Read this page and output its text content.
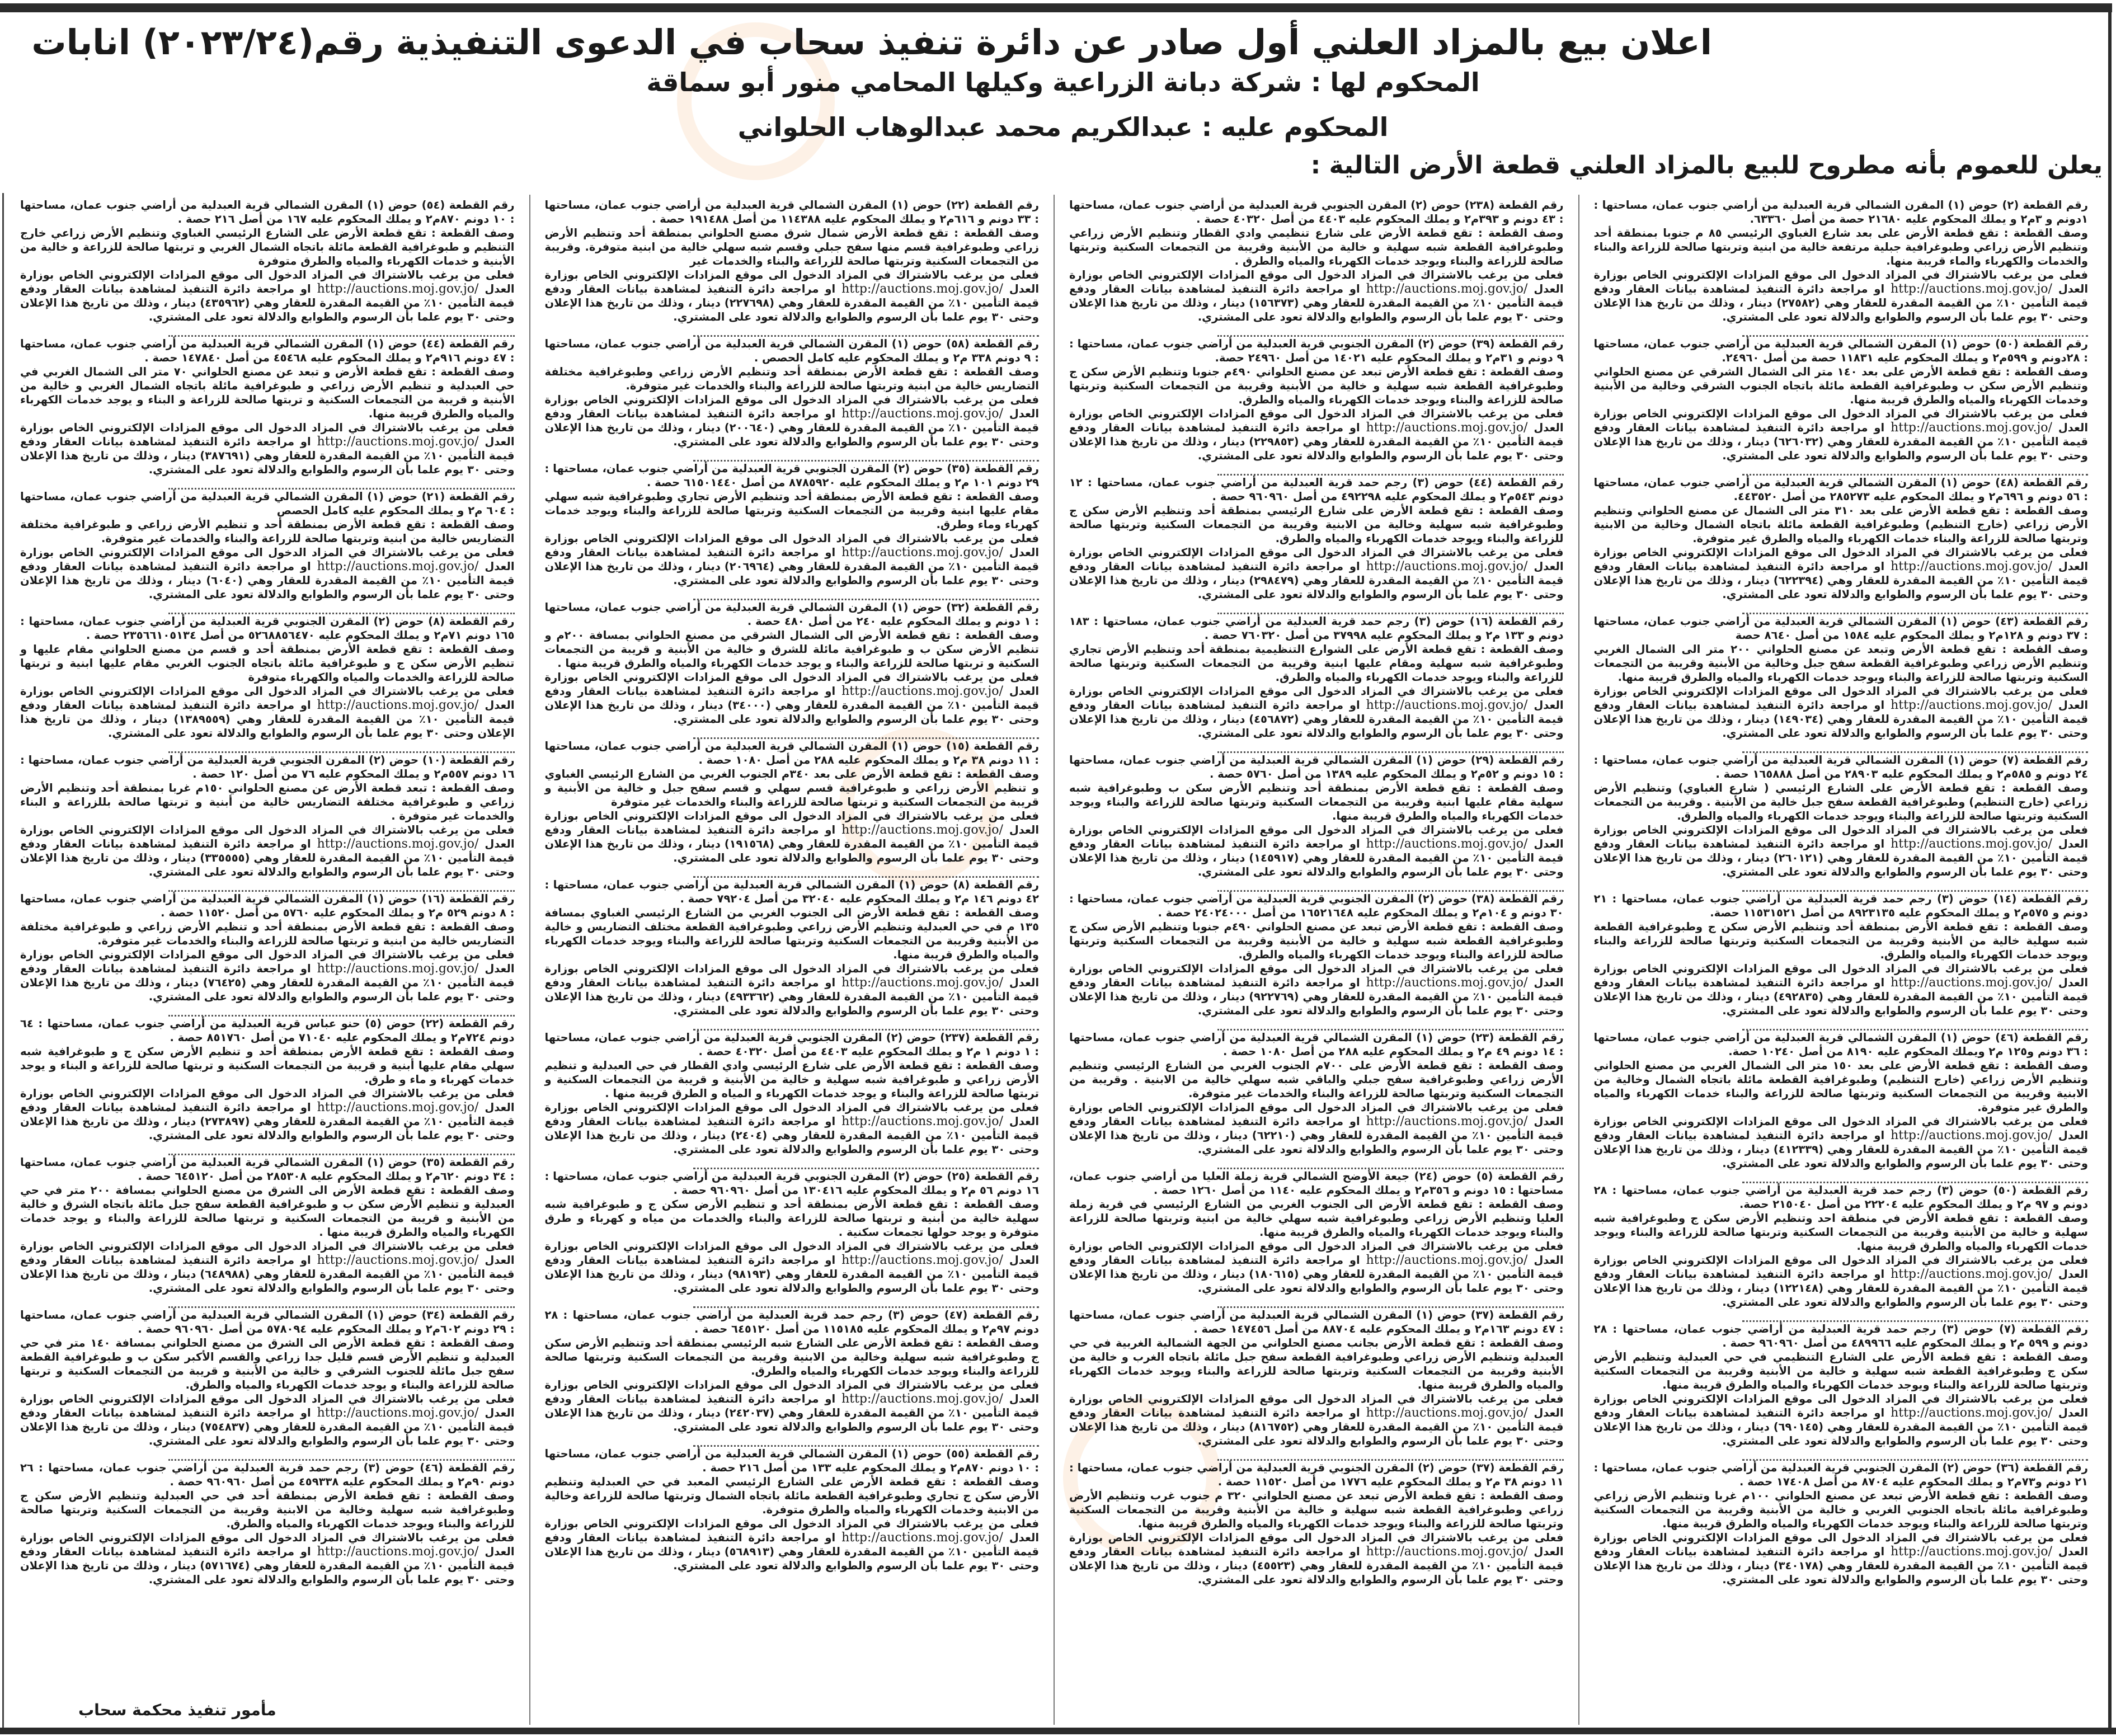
اعلان بيع بالمزاد العلني أول صادر عن دائرة تنفيذ سحاب في الدعوى التنفيذية رقم(٢٠٢٣/٢٤) انابات
المحكوم لها : شركة دبانة الزراعية وكيلها المحامي منور أبو سماقة
المحكوم عليه : عبدالكريم محمد عبدالوهاب الحلواني
يعلن للعموم بأنه مطروح للبيع بالمزاد العلني قطعة الأرض التالية :

رقم القطعة (٢) حوض (١) المقرن الشمالي قرية العبدلية من أراضي جنوب عمان، مساحتها : ١دونم و ٣م٢ و يملك المحكوم عليه ٢١٦٨٠ حصة من أصل ٦٣٣٦٠.

وصف القطعة : تقع قطعة الأرض على بعد شارع الغباوي الرئيسي ٨٥ م جنوبا بمنطقة أحد وتنظيم الأرض زراعي وطبوغرافية جبلية مرتفعة خالية من ابنية وتربتها صالحة للزراعة والبناء والخدمات والكهرباء والماء قريبة منها.

فعلى من يرغب بالاشتراك في المزاد الدخول الى موقع المزادات الإلكتروني الخاص بوزارة العدل http://auctions.moj.gov.jo/ او مراجعة دائرة التنفيذ لمشاهدة بيانات العقار ودفع قيمة التأمين ١٠٪ من القيمة المقدرة للعقار وهي (٢٧٥٨٢) دينار ، وذلك من تاريخ هذا الإعلان وحتى ٣٠ يوم علما بأن الرسوم والطوابع والدلالة تعود على المشتري.

رقم القطعة (٥٠) حوض (١) المقرن الشمالي قرية العبدلية من أراضي جنوب عمان، مساحتها : ٢٨دونم و ٥٩٩م٢ و يملك المحكوم عليه ١١٨٣١ حصة من أصل ٢٤٩٦٠.

وصف القطعة : تقع قطعة الأرض على بعد ١٤٠ متر الى الشمال الشرقي عن مصنع الحلواني وتنظيم الأرض سكن ب وطبوغرافية القطعة مائلة باتجاه الجنوب الشرقي وخالية من الأبنية وخدمات الكهرباء والمياه والطرق قريبة منها.

فعلى من يرغب بالاشتراك في المزاد الدخول الى موقع المزادات الإلكتروني الخاص بوزارة العدل http://auctions.moj.gov.jo/ او مراجعة دائرة التنفيذ لمشاهدة بيانات العقار ودفع قيمة التأمين ١٠٪ من القيمة المقدرة للعقار وهي (٦٢٦٠٣٢) دينار ، وذلك من تاريخ هذا الإعلان وحتى ٣٠ يوم علما بأن الرسوم والطوابع والدلالة تعود على المشتري.

رقم القطعة (٤٨) حوض (١) المقرن الشمالي قرية العبدلية من أراضي جنوب عمان، مساحتها : ٥٦ دونم و ٦٩٦م٢ و يملك المحكوم عليه ٢٨٥٢٧٣ من أصل ٤٤٣٥٢٠.

وصف القطعة : تقع قطعة الأرض على بعد ٣١٠ متر الى الشمال عن مصنع الحلواني وتنظيم الأرض زراعي (خارج التنظيم) وطبوغرافية القطعة مائلة باتجاه الشمال وخالية من الابنية وتربتها صالحة للزراعة والبناء خدمات الكهرباء والمياه والطرق غير متوفرة.

فعلى من يرغب بالاشتراك في المزاد الدخول الى موقع المزادات الإلكتروني الخاص بوزارة العدل http://auctions.moj.gov.jo/ او مراجعة دائرة التنفيذ لمشاهدة بيانات العقار ودفع قيمة التأمين ١٠٪ من القيمة المقدرة للعقار وهي (٦٢٢٣٩٤) دينار ، وذلك من تاريخ هذا الإعلان وحتى ٣٠ يوم علما بأن الرسوم والطوابع والدلالة تعود على المشتري.

رقم القطعة (٤٣) حوض (١) المقرن الشمالي قرية العبدلية من أراضي جنوب عمان، مساحتها : ٣٧ دونم و ١٢٨م٢ و يملك المحكوم عليه ١٥٨٤ من أصل ٨٦٤٠ حصة

وصف القطعة : تقع قطعة الأرض وتبعد عن مصنع الحلواني ٢٠٠ متر الى الشمال الغربي وتنظيم الأرض زراعي وطبوغرافية القطعة سفح جبل وخالية من الأبنية وقريبة من التجمعات السكنية وتربتها صالحة للزراعة والبناء ويوجد خدمات الكهرباء والمياه والطرق قريبة منها.

فعلى من يرغب بالاشتراك في المزاد الدخول الى موقع المزادات الإلكتروني الخاص بوزارة العدل http://auctions.moj.gov.jo/ او مراجعة دائرة التنفيذ لمشاهدة بيانات العقار ودفع قيمة التأمين ١٠٪ من القيمة المقدرة للعقار وهي (١٤٩٠٣٤) دينار ، وذلك من تاريخ هذا الإعلان وحتى ٣٠ يوم علما بأن الرسوم والطوابع والدلالة تعود على المشتري.

رقم القطعة (٧) حوض (١) المقرن الشمالي قرية العبدلية من أراضي جنوب عمان، مساحتها : ٢٤ دونم و ٥٨٥م٢ و يملك المحكوم عليه ٢٨٩٠٣ من أصل ١٦٥٨٨٨ حصة .

وصف القطعة : تقع قطعة الأرض على الشارع الرئيسي ( شارع الغباوي) وتنظيم الأرض زراعي (خارج التنظيم) وطبوغرافية القطعة سفح جبل خالية من الأبنية . وقريبة من التجمعات السكنية وتربتها صالحة للزراعة والبناء ويوجد خدمات الكهرباء والمياه والطرق.

فعلى من يرغب بالاشتراك في المزاد الدخول الى موقع المزادات الإلكتروني الخاص بوزارة العدل http://auctions.moj.gov.jo/ او مراجعة دائرة التنفيذ لمشاهدة بيانات العقار ودفع قيمة التأمين ١٠٪ من القيمة المقدرة للعقار وهي (٢٦٠١٢١) دينار ، وذلك من تاريخ هذا الإعلان وحتى ٣٠ يوم علما بأن الرسوم والطوابع والدلالة تعود على المشتري.

رقم القطعة (١٤) حوض (٣) رجم حمد قرية العبدلية من أراضي جنوب عمان، مساحتها : ٢١ دونم و ٥٧٥م٢ و يملك المحكوم عليه ٨٩٢٣١٣٥ من أصل ١١٥٣١٥٢١ حصة.

وصف القطعة : تقع قطعة الأرض بمنطقة أحد وتنظيم الأرض سكن ج وطبوغرافية القطعة شبه سهلية خالية من الأبنية وقريبة من التجمعات السكنية وتربتها صالحة للزراعة والبناء ويوجد خدمات الكهرباء والمياه والطرق.

فعلى من يرغب بالاشتراك في المزاد الدخول الى موقع المزادات الإلكتروني الخاص بوزارة العدل http://auctions.moj.gov.jo/ او مراجعة دائرة التنفيذ لمشاهدة بيانات العقار ودفع قيمة التأمين ١٠٪ من القيمة المقدرة للعقار وهي (٤٩٢٨٣٥) دينار ، وذلك من تاريخ هذا الإعلان وحتى ٣٠ يوم علما بأن الرسوم والطوابع والدلالة تعود على المشتري.

رقم القطعة (٤٦) حوض (١) المقرن الشمالي قرية العبدلية من أراضي جنوب عمان، مساحتها : ٣٦ دونم و١٢٥ م٢ ويملك المحكوم عليه ٨١٩٠ من أصل ١٠٢٤٠ حصة.

وصف القطعة : تقع قطعة الأرض على بعد ١٥٠ متر الى الشمال الغربي من مصنع الحلواني وتنظيم الأرض زراعي (خارج التنظيم) وطبوغرافية القطعة مائلة باتجاه الشمال وخالية من الابنية وقريبة من التجمعات السكنية وتربتها صالحة للزراعة والبناء خدمات الكهرباء والمياه والطرق غير متوفرة.

فعلى من يرغب بالاشتراك في المزاد الدخول الى موقع المزادات الإلكتروني الخاص بوزارة العدل http://auctions.moj.gov.jo/ او مراجعة دائرة التنفيذ لمشاهدة بيانات العقار ودفع قيمة التأمين ١٠٪ من القيمة المقدرة للعقار وهي (٤١٢٣٣٩) دينار ، وذلك من تاريخ هذا الإعلان وحتى ٣٠ يوم علما بأن الرسوم والطوابع والدلالة تعود على المشتري.

رقم القطعة (٥٠) حوض (٣) رجم حمد قرية العبدلية من أراضي جنوب عمان، مساحتها : ٢٨ دونم و ٩٧ م٢ و يملك المحكوم عليه ٢٢٢٠٤ من أصل ٢١٥٠٤٠ حصة.

وصف القطعة : تقع قطعة الأرض في منطقة احد وتنظيم الأرض سكن ج وطبوغرافية شبه سهلية و خالية من الأبنية وقريبة من التجمعات السكنية وتربتها صالحة للزراعة والبناء ويوجد خدمات الكهرباء والمياه والطرق قريبة منها.

فعلى من يرغب بالاشتراك في المزاد الدخول الى موقع المزادات الإلكتروني الخاص بوزارة العدل http://auctions.moj.gov.jo/ او مراجعة دائرة التنفيذ لمشاهدة بيانات العقار ودفع قيمة التأمين ١٠٪ من القيمة المقدرة للعقار وهي (١٢٢١٤٨) دينار ، وذلك من تاريخ هذا الإعلان وحتى ٣٠ يوم علما بأن الرسوم والطوابع والدلالة تعود على المشتري.

رقم القطعة (٧) حوض (٣) رجم حمد قرية العبدلية من أراضي جنوب عمان، مساحتها : ٢٨ دونم و ٥٩٩ م٢ و يملك المحكوم عليه ٤٨٩٩٦٦ من أصل ٩٦٠٩٦٠ حصة .

وصف القطعة : تقع قطعة الأرض على الشارع التنظيمي في حي العبدلية وتنظيم الأرض سكن ج وطبوغرافية القطعة شبه سهلية و خالية من الأبنية وقريبة من التجمعات السكنية وتربتها صالحة للزراعة والبناء ويوجد خدمات الكهرباء والمياه والطرق قريبة منها.

فعلى من يرغب بالاشتراك في المزاد الدخول الى موقع المزادات الإلكتروني الخاص بوزارة العدل http://auctions.moj.gov.jo/ او مراجعة دائرة التنفيذ لمشاهدة بيانات العقار ودفع قيمة التأمين ١٠٪ من القيمة المقدرة للعقار وهي (٦٩٠١٤٥) دينار ، وذلك من تاريخ هذا الإعلان وحتى ٣٠ يوم علما بأن الرسوم والطوابع والدلالة تعود على المشتري.

رقم القطعة (٣٦) حوض (٢) المقرن الجنوبي قرية العبدلية من أراضي جنوب عمان، مساحتها : ٢١ دونم و٧٣م٢ و يملك المحكوم عليه ٨٧٠٤ من أصل ١٧٤٠٨ حصة .

وصف القطعة : تقع قطعة الأرض تبعد عن مصنع الحلواني ١٠٠م غربا وتنظيم الأرض زراعي وطبوغرافية مائلة باتجاه الجنوبي الغربي و خالية من الأبنية وقريبة من التجمعات السكنية وتربتها صالحة للزراعة والبناء ويوجد خدمات الكهرباء والمياه والطرق قريبة منها.

فعلى من يرغب بالاشتراك في المزاد الدخول الى موقع المزادات الإلكتروني الخاص بوزارة العدل http://auctions.moj.gov.jo/ او مراجعة دائرة التنفيذ لمشاهدة بيانات العقار ودفع قيمة التأمين ١٠٪ من القيمة المقدرة للعقار وهي (٣٤٠١٧٨) دينار ، وذلك من تاريخ هذا الإعلان وحتى ٣٠ يوم علما بأن الرسوم والطوابع والدلالة تعود على المشتري.

رقم القطعة (٢٣٨) حوض (٢) المقرن الجنوبي قرية العبدلية من أراضي جنوب عمان، مساحتها : ٤٣ دونم و ٣٩٣م٢ و يملك المحكوم عليه ٤٤٠٣ من أصل ٤٠٣٢٠ حصة .

وصف القطعة : تقع قطعة الأرض على شارع تنظيمي وادي القطار وتنظيم الأرض زراعي وطبوغرافية القطعة شبه سهلية و خالية من الأبنية وقريبة من التجمعات السكنية وتربتها صالحة للزراعة والبناء ويوجد خدمات الكهرباء والمياه والطرق .

فعلى من يرغب بالاشتراك في المزاد الدخول الى موقع المزادات الإلكتروني الخاص بوزارة العدل http://auctions.moj.gov.jo/ او مراجعة دائرة التنفيذ لمشاهدة بيانات العقار ودفع قيمة التأمين ١٠٪ من القيمة المقدرة للعقار وهي (١٥٦٣٧٣) دينار ، وذلك من تاريخ هذا الإعلان وحتى ٣٠ يوم علما بأن الرسوم والطوابع والدلالة تعود على المشتري.

رقم القطعة (٣٩) حوض (٢) المقرن الجنوبي قرية العبدلية من أراضي جنوب عمان، مساحتها : ٩ دونم و ٣١م٢ و يملك المحكوم عليه ١٤٠٢١ من أصل ٢٤٩٦٠ حصة.

وصف القطعة : تقع قطعة الأرض تبعد عن مصنع الحلواني ٤٩٠م جنوبا وتنظيم الأرض سكن ج وطبوغرافية القطعة شبه سهلية و خالية من الأبنية وقريبة من التجمعات السكنية وتربتها صالحة للزراعة والبناء ويوجد خدمات الكهرباء والمياه والطرق.

فعلى من يرغب بالاشتراك في المزاد الدخول الى موقع المزادات الإلكتروني الخاص بوزارة العدل http://auctions.moj.gov.jo/ او مراجعة دائرة التنفيذ لمشاهدة بيانات العقار ودفع قيمة التأمين ١٠٪ من القيمة المقدرة للعقار وهي (٢٢٩٨٥٣) دينار ، وذلك من تاريخ هذا الإعلان وحتى ٣٠ يوم علما بأن الرسوم والطوابع والدلالة تعود على المشتري.

رقم القطعة (٤٤) حوض (٣) رجم حمد قرية العبدلية من أراضي جنوب عمان، مساحتها : ١٢ دونم ٥٤٣م٢ و يملك المحكوم عليه ٤٩٢٢٩٨ من أصل ٩٦٠٩٦٠ حصة .

وصف القطعة : تقع قطعة الأرض على شارع الرئيسي بمنطقة أحد وتنظيم الأرض سكن ج وطبوغرافية شبه سهلية وخالية من الابنية وقريبة من التجمعات السكنية وتربتها صالحة للزراعة والبناء ويوجد خدمات الكهرباء والمياه والطرق.

فعلى من يرغب بالاشتراك في المزاد الدخول الى موقع المزادات الإلكتروني الخاص بوزارة العدل http://auctions.moj.gov.jo/ او مراجعة دائرة التنفيذ لمشاهدة بيانات العقار ودفع قيمة التأمين ١٠٪ من القيمة المقدرة للعقار وهي (٢٩٨٤٧٩) دينار ، وذلك من تاريخ هذا الإعلان وحتى ٣٠ يوم علما بأن الرسوم والطوابع والدلالة تعود على المشتري.

رقم القطعة (١٦) حوض (٣) رجم حمد قرية العبدلية من أراضي جنوب عمان، مساحتها : ١٨٣ دونم و ١٣٣ م٢ و يملك المحكوم عليه ٣٧٩٩٨ من أصل ٧٦٠٣٢٠ حصة .

وصف القطعة : تقع قطعة الأرض على الشوارع التنظيمية بمنطقة أحد وتنظيم الأرض تجاري وطبوغرافية شبه سهلية ومقام عليها ابنية وقريبة من التجمعات السكنية وتربتها صالحة للزراعة والبناء ويوجد خدمات الكهرباء والمياه والطرق.

فعلى من يرغب بالاشتراك في المزاد الدخول الى موقع المزادات الإلكتروني الخاص بوزارة العدل http://auctions.moj.gov.jo/ او مراجعة دائرة التنفيذ لمشاهدة بيانات العقار ودفع قيمة التأمين ١٠٪ من القيمة المقدرة للعقار وهي (٤٥٦٨٧٢) دينار ، وذلك من تاريخ هذا الإعلان وحتى ٣٠ يوم علما بأن الرسوم والطوابع والدلالة تعود على المشتري.

رقم القطعة (٢٩) حوض (١) المقرن الشمالي قرية العبدلية من أراضي جنوب عمان، مساحتها : ١٥ دونم و ٥٢م٢ و يملك المحكوم عليه ١٣٨٩ من أصل ٥٧٦٠ حصة .

وصف القطعة : تقع قطعة الأرض بمنطقة أحد وتنظيم الأرض سكن ب وطبوغرافية شبه سهلية مقام عليها ابنية وقريبة من التجمعات السكنية وتربتها صالحة للزراعة والبناء ويوجد خدمات الكهرباء والمياه والطرق قريبة منها.

فعلى من يرغب بالاشتراك في المزاد الدخول الى موقع المزادات الإلكتروني الخاص بوزارة العدل http://auctions.moj.gov.jo/ او مراجعة دائرة التنفيذ لمشاهدة بيانات العقار ودفع قيمة التأمين ١٠٪ من القيمة المقدرة للعقار وهي (١٤٥٩١٧) دينار ، وذلك من تاريخ هذا الإعلان وحتى ٣٠ يوم علما بأن الرسوم والطوابع والدلالة تعود على المشتري.

رقم القطعة (٣٨) حوض (٢) المقرن الجنوبي قرية العبدلية من أراضي جنوب عمان، مساحتها : ٣٠ دونم و ١٠٤م٢ و يملك المحكوم عليه ١٦٥٢١٦٤٨ من أصل ٢٤٠٢٤٠٠٠ حصة .

وصف القطعة : تقع قطعة الأرض تبعد عن مصنع الحلواني ٤٩٠م جنوبا وتنظيم الأرض سكن ج وطبوغرافية القطعة شبه سهلية و خالية من الأبنية وقريبة من التجمعات السكنية وتربتها صالحة للزراعة والبناء ويوجد خدمات الكهرباء والمياه والطرق.

فعلى من يرغب بالاشتراك في المزاد الدخول الى موقع المزادات الإلكتروني الخاص بوزارة العدل http://auctions.moj.gov.jo/ او مراجعة دائرة التنفيذ لمشاهدة بيانات العقار ودفع قيمة التأمين ١٠٪ من القيمة المقدرة للعقار وهي (٩٢٢٧٦٩) دينار ، وذلك من تاريخ هذا الإعلان وحتى ٣٠ يوم علما بأن الرسوم والطوابع والدلالة تعود على المشتري.

رقم القطعة (٢٣) حوض (١) المقرن الشمالي قرية العبدلية من أراضي جنوب عمان، مساحتها : ١٤ دونم ٤٩ م٢ و يملك المحكوم عليه ٢٨٨ من أصل ١٠٨٠ حصة .

وصف القطعة : تقع قطعة الأرض على ٧٠٠م الجنوب الغربي من الشارع الرئيسي وتنظيم الأرض زراعي وطبوغرافية سفح جبلي والباقي شبه سهلي خالية من الابنية . وقريبة من التجمعات السكنية وتربتها صالحة للزراعة والبناء والخدمات غير متوفرة.

فعلى من يرغب بالاشتراك في المزاد الدخول الى موقع المزادات الإلكتروني الخاص بوزارة العدل http://auctions.moj.gov.jo/ او مراجعة دائرة التنفيذ لمشاهدة بيانات العقار ودفع قيمة التأمين ١٠٪ من القيمة المقدرة للعقار وهي (٦٢٢١٠) دينار ، وذلك من تاريخ هذا الإعلان وحتى ٣٠ يوم علما بأن الرسوم والطوابع والدلالة تعود على المشتري.

رقم القطعة (٥) حوض (٢٤) جيعة الأوضح الشمالي قرية زملة العليا من أراضي جنوب عمان، مساحتها : ١٥ دونم و ٣٥٦م٢ و يملك المحكوم عليه ١١٤٠ من أصل ١٢٦٠ حصة .

وصف القطعة : تقع قطعة الأرض الى الجنوب الغربي من الشارع الرئيسي في قرية زملة العليا وتنظيم الأرض زراعي وطبوغرافية شبه سهلي خالية من ابنية وتربتها صالحة للزراعة والبناء ويوجد خدمات الكهرباء والمياه والطرق قريبة منها.

فعلى من يرغب بالاشتراك في المزاد الدخول الى موقع المزادات الإلكتروني الخاص بوزارة العدل http://auctions.moj.gov.jo/ او مراجعة دائرة التنفيذ لمشاهدة بيانات العقار ودفع قيمة التأمين ١٠٪ من القيمة المقدرة للعقار وهي (١٨٠٦١٥) دينار ، وذلك من تاريخ هذا الإعلان وحتى ٣٠ يوم علما بأن الرسوم والطوابع والدلالة تعود على المشتري.

رقم القطعة (٣٧) حوض (١) المقرن الشمالي قرية العبدلية من أراضي جنوب عمان، مساحتها : ٤٧ دونم ١٦٣م٢ و يملك المحكوم عليه ٨٨٧٠٤ من أصل ١٤٧٤٥٦ حصة .

وصف القطعة : تقع قطعة الأرض بجانب مصنع الحلواني من الجهة الشمالية الغربية في حي العبدلية وتنظيم الأرض زراعي وطبوغرافية القطعة سفح جبل مائلة باتجاه الغرب و خالية من الأبنية وقريبة من التجمعات السكنية وتربتها صالحة للزراعة والبناء ويوجد خدمات الكهرباء والمياه والطرق قريبة منها.

فعلى من يرغب بالاشتراك في المزاد الدخول الى موقع المزادات الإلكتروني الخاص بوزارة العدل http://auctions.moj.gov.jo/ او مراجعة دائرة التنفيذ لمشاهدة بيانات العقار ودفع قيمة التأمين ١٠٪ من القيمة المقدرة للعقار وهي (٨١٦٧٥٢) دينار ، وذلك من تاريخ هذا الإعلان وحتى ٣٠ يوم علما بأن الرسوم والطوابع والدلالة تعود على المشتري.

رقم القطعة (٣٧) حوض (٢) المقرن الجنوبي قرية العبدلية من أراضي جنوب عمان، مساحتها : ١١ دونم ٣٨ م٢ و يملك المحكوم عليه ١٧٧٦ من أصل ١١٥٢٠ حصة .

وصف القطعة : تقع قطعة الأرض تبعد عن مصنع الحلواني ٣٢٠ م جنوب غرب وتنظيم الأرض زراعي وطبوغرافية القطعة شبه سهلية و خالية من الأبنية وقريبة من التجمعات السكنية وتربتها صالحة للزراعة والبناء ويوجد خدمات الكهرباء والمياه والطرق قريبة منها.

فعلى من يرغب بالاشتراك في المزاد الدخول الى موقع المزادات الإلكتروني الخاص بوزارة العدل http://auctions.moj.gov.jo/ او مراجعة دائرة التنفيذ لمشاهدة بيانات العقار ودفع قيمة التأمين ١٠٪ من القيمة المقدرة للعقار وهي (٤٥٥٢٣) دينار ، وذلك من تاريخ هذا الإعلان وحتى ٣٠ يوم علما بأن الرسوم والطوابع والدلالة تعود على المشتري.

رقم القطعة (٢٢) حوض (١) المقرن الشمالي قرية العبدلية من أراضي جنوب عمان، مساحتها : ٣٣ دونم و ٦١٦م٢ و يملك المحكوم عليه ١١٤٣٨٨ من أصل ١٩١٤٨٨ حصة .

وصف القطعة : تقع قطعة الأرض شمال شرق مصنع الحلواني بمنطقة أحد وتنظيم الأرض زراعي وطبوغرافية قسم منها سفح جبلي وقسم شبه سهلي خالية من ابنية متوفرة. وقريبة من التجمعات السكنية وتربتها صالحة للزراعة والبناء والخدمات غير

فعلى من يرغب بالاشتراك في المزاد الدخول الى موقع المزادات الإلكتروني الخاص بوزارة العدل http://auctions.moj.gov.jo/ او مراجعة دائرة التنفيذ لمشاهدة بيانات العقار ودفع قيمة التأمين ١٠٪ من القيمة المقدرة للعقار وهي (٢٢٧٦٩٨) دينار ، وذلك من تاريخ هذا الإعلان وحتى ٣٠ يوم علما بأن الرسوم والطوابع والدلالة تعود على المشتري.

رقم القطعة (٥٨) حوض (١) المقرن الشمالي قرية العبدلية من أراضي جنوب عمان، مساحتها : ٩ دونم ٣٣٨ م٢ و يملك المحكوم عليه كامل الحصص .

وصف القطعة : تقع قطعة الأرض بمنطقة أحد وتنظيم الأرض زراعي وطبوغرافية مختلفة التضاريس خالية من ابنية وتربتها صالحة للزراعة والبناء والخدمات غير متوفرة.

فعلى من يرغب بالاشتراك في المزاد الدخول الى موقع المزادات الإلكتروني الخاص بوزارة العدل http://auctions.moj.gov.jo/ او مراجعة دائرة التنفيذ لمشاهدة بيانات العقار ودفع قيمة التأمين ١٠٪ من القيمة المقدرة للعقار وهي (٢٠٠٦٤٠) دينار ، وذلك من تاريخ هذا الإعلان وحتى ٣٠ يوم علما بأن الرسوم والطوابع والدلالة تعود على المشتري.

رقم القطعة (٣٥) حوض (٢) المقرن الجنوبي قرية العبدلية من أراضي جنوب عمان، مساحتها : ٢٩ دونم ١٠١ م٢ و يملك المحكوم عليه ٨٧٨٥٩٢٠ من أصل ٦١٥٠١٤٤٠ حصة .

وصف القطعة : تقع قطعة الأرض بمنطقة أحد وتنظيم الأرض تجاري وطبوغرافية شبه سهلي مقام عليها ابنية وقريبة من التجمعات السكنية وتربتها صالحة للزراعة والبناء ويوجد خدمات كهرباء وماء وطرق.

فعلى من يرغب بالاشتراك في المزاد الدخول الى موقع المزادات الإلكتروني الخاص بوزارة العدل http://auctions.moj.gov.jo/ او مراجعة دائرة التنفيذ لمشاهدة بيانات العقار ودفع قيمة التأمين ١٠٪ من القيمة المقدرة للعقار وهي (٢٠٦٩٦٤) دينار ، وذلك من تاريخ هذا الإعلان وحتى ٣٠ يوم علما بأن الرسوم والطوابع والدلالة تعود على المشتري.

رقم القطعة (٣٢) حوض (١) المقرن الشمالي قرية العبدلية من أراضي جنوب عمان، مساحتها : ١ دونم و يملك المحكوم عليه ٢٤٠ من أصل ٤٨٠ حصة .

وصف القطعة : تقع قطعة الأرض الى الشمال الشرقي من مصنع الحلواني بمسافة ٢٠٠م و تنظيم الأرض سكن ب و طبوغرافية مائلة للشرق و خالية من الأبنية و قريبة من التجمعات السكنية و تربتها صالحة للزراعة والبناء و يوجد خدمات الكهرباء والمياه والطرق قريبة منها .

فعلى من يرغب بالاشتراك في المزاد الدخول الى موقع المزادات الإلكتروني الخاص بوزارة العدل http://auctions.moj.gov.jo/ او مراجعة دائرة التنفيذ لمشاهدة بيانات العقار ودفع قيمة التأمين ١٠٪ من القيمة المقدرة للعقار وهي (٣٤٠٠٠) دينار ، وذلك من تاريخ هذا الإعلان وحتى ٣٠ يوم علما بأن الرسوم والطوابع والدلالة تعود على المشتري.

رقم القطعة (١٥) حوض (١) المقرن الشمالي قرية العبدلية من أراضي جنوب عمان، مساحتها : ١١ دونم ٣٨ م٢ و يملك المحكوم عليه ٢٨٨ من أصل ١٠٨٠ حصة .

وصف القطعة : تقع قطعة الأرض على بعد ٣٤٠م الجنوب الغربي من الشارع الرئيسي الغباوي و تنظيم الأرض زراعي و طبوغرافية قسم سهلي و قسم سفح جبل و خالية من الأبنية و قريبة من التجمعات السكنية و تربتها صالحة للزراعة والبناء والخدمات غير متوفرة

فعلى من يرغب بالاشتراك في المزاد الدخول الى موقع المزادات الإلكتروني الخاص بوزارة العدل http://auctions.moj.gov.jo/ او مراجعة دائرة التنفيذ لمشاهدة بيانات العقار ودفع قيمة التأمين ١٠٪ من القيمة المقدرة للعقار وهي (١٩١٥٦٨) دينار ، وذلك من تاريخ هذا الإعلان وحتى ٣٠ يوم علما بأن الرسوم والطوابع والدلالة تعود على المشتري.

رقم القطعة (٨) حوض (١) المقرن الشمالي قرية العبدلية من أراضي جنوب عمان، مساحتها : ٤٢ دونم ١٤٦ م٢ و يملك المحكوم عليه ٣٢٠٤٠ من أصل ٧٩٢٠٤ حصة .

وصف القطعة : تقع قطعة الأرض الى الجنوب الغربي من الشارع الرئيسي الغباوي بمسافة ١٣٥ م في حي العبدلية وتنظيم الأرض زراعي وطبوغرافية القطعة مختلف التضاريس و خالية من الأبنية وقريبة من التجمعات السكنية وتربتها صالحة للزراعة والبناء ويوجد خدمات الكهرباء والمياه والطرق قريبة منها.

فعلى من يرغب بالاشتراك في المزاد الدخول الى موقع المزادات الإلكتروني الخاص بوزارة العدل http://auctions.moj.gov.jo/ او مراجعة دائرة التنفيذ لمشاهدة بيانات العقار ودفع قيمة التأمين ١٠٪ من القيمة المقدرة للعقار وهي (٤٩٣٣٦٢) دينار ، وذلك من تاريخ هذا الإعلان وحتى ٣٠ يوم علما بأن الرسوم والطوابع والدلالة تعود على المشتري.

رقم القطعة (٢٣٧) حوض (٢) المقرن الجنوبي قرية العبدلية من أراضي جنوب عمان، مساحتها : ١ دونم ١ م٢ و يملك المحكوم عليه ٤٤٠٣ من أصل ٤٠٣٢٠ حصة .

وصف القطعة : تقع قطعة الأرض على شارع الرئيسي وادي القطار في حي العبدلية و تنظيم الأرض زراعي و طبوغرافية شبه سهلية و خالية من الأبنية و قريبة من التجمعات السكنية و تربتها صالحة للزراعة والبناء و يوجد خدمات الكهرباء و المياه و الطرق قريبة منها .

فعلى من يرغب بالاشتراك في المزاد الدخول الى موقع المزادات الإلكتروني الخاص بوزارة العدل http://auctions.moj.gov.jo/ او مراجعة دائرة التنفيذ لمشاهدة بيانات العقار ودفع قيمة التأمين ١٠٪ من القيمة المقدرة للعقار وهي (٢٤٠٤) دينار ، وذلك من تاريخ هذا الإعلان وحتى ٣٠ يوم علما بأن الرسوم والطوابع والدلالة تعود على المشتري.

رقم القطعة (٢٥) حوض (٢) المقرن الجنوبي قرية العبدلية من أراضي جنوب عمان، مساحتها : ١٦ دونم ٥٦ م٢ و يملك المحكوم عليه ١٣٠٤١٦ من أصل ٩٦٠٩٦٠ حصة .

وصف القطعة : تقع قطعة الأرض بمنطقة أحد و تنظيم الأرض سكن ج و طبوغرافية شبه سهلية خالية من أبنية و تربتها صالحة للزراعة والبناء والخدمات من مياه و كهرباء و طرق متوفرة و يوجد حولها تجمعات سكنية .

فعلى من يرغب بالاشتراك في المزاد الدخول الى موقع المزادات الإلكتروني الخاص بوزارة العدل http://auctions.moj.gov.jo/ او مراجعة دائرة التنفيذ لمشاهدة بيانات العقار ودفع قيمة التأمين ١٠٪ من القيمة المقدرة للعقار وهي (٩٨١٩٣) دينار ، وذلك من تاريخ هذا الإعلان وحتى ٣٠ يوم علما بأن الرسوم والطوابع والدلالة تعود على المشتري.

رقم القطعة (٤٧) حوض (٣) رجم حمد قرية العبدلية من أراضي جنوب عمان، مساحتها : ٢٨ دونم ٩٧م٢ و يملك المحكوم عليه ١١٥١٨٥ من أصل ٦٤٥١٢٠ حصة .

وصف القطعة : تقع قطعة الأرض على الشارع شبه الرئيسي بمنطقة أحد وتنظيم الأرض سكن ج وطبوغرافية شبه سهلية وخالية من الابنية وقريبة من التجمعات السكنية وتربتها صالحة للزراعة والبناء ويوجد خدمات الكهرباء والمياه والطرق.

فعلى من يرغب بالاشتراك في المزاد الدخول الى موقع المزادات الإلكتروني الخاص بوزارة العدل http://auctions.moj.gov.jo/ او مراجعة دائرة التنفيذ لمشاهدة بيانات العقار ودفع قيمة التأمين ١٠٪ من القيمة المقدرة للعقار وهي (٢٤٢٠٣٧) دينار ، وذلك من تاريخ هذا الإعلان وحتى ٣٠ يوم علما بأن الرسوم والطوابع والدلالة تعود على المشتري.

رقم القطعة (٥٥) حوض (١) المقرن الشمالي قرية العبدلية من أراضي جنوب عمان، مساحتها : ١٠ دونم ٨٧٠م٢ و يملك المحكوم عليه ١٣٣ من أصل ٢١٦ حصة .

وصف القطعة : تقع قطعة الأرض على الشارع الرئيسي المعبد في حي العبدلية وتنظيم الأرض سكن ج تجاري وطبوغرافية القطعة مائلة باتجاه الشمال وتربتها صالحة للزراعة وخالية من الابنية وخدمات الكهرباء والمياه والطرق متوفرة.

فعلى من يرغب بالاشتراك في المزاد الدخول الى موقع المزادات الإلكتروني الخاص بوزارة العدل http://auctions.moj.gov.jo/ او مراجعة دائرة التنفيذ لمشاهدة بيانات العقار ودفع قيمة التأمين ١٠٪ من القيمة المقدرة للعقار وهي (٥٦٨٩١٣) دينار ، وذلك من تاريخ هذا الإعلان وحتى ٣٠ يوم علما بأن الرسوم والطوابع والدلالة تعود على المشتري.

رقم القطعة (٥٤) حوض (١) المقرن الشمالي قرية العبدلية من أراضي جنوب عمان، مساحتها : ١٠ دونم ٨٧٠م٢ و يملك المحكوم عليه ١٦٧ من أصل ٢١٦ حصة .

وصف القطعة : تقع قطعة الأرض على الشارع الرئيسي الغباوي وتنظيم الأرض زراعي خارج التنظيم و طبوغرافية القطعة مائلة باتجاه الشمال الغربي و تربتها صالحة للزراعة و خالية من الأبنية و خدمات الكهرباء والمياه والطرق متوفرة

فعلى من يرغب بالاشتراك في المزاد الدخول الى موقع المزادات الإلكتروني الخاص بوزارة العدل http://auctions.moj.gov.jo/ او مراجعة دائرة التنفيذ لمشاهدة بيانات العقار ودفع قيمة التأمين ١٠٪ من القيمة المقدرة للعقار وهي (٤٣٥٩٦٢) دينار ، وذلك من تاريخ هذا الإعلان وحتى ٣٠ يوم علما بأن الرسوم والطوابع والدلالة تعود على المشتري.

رقم القطعة (٤٤) حوض (١) المقرن الشمالي قرية العبدلية من أراضي جنوب عمان، مساحتها : ٤٧ دونم ٩١٦م٢ و يملك المحكوم عليه ٤٥٤٦٨ من أصل ١٤٧٨٤٠ حصة .

وصف القطعة : تقع قطعة الأرض و تبعد عن مصنع الحلواني ٧٠ متر الى الشمال الغربي في حي العبدلية و تنظيم الأرض زراعي و طبوغرافية مائلة باتجاه الشمال الغربي و خالية من الأبنية و قريبة من التجمعات السكنية و تربتها صالحة للزراعة و البناء و يوجد خدمات الكهرباء والمياه والطرق قريبة منها.

فعلى من يرغب بالاشتراك في المزاد الدخول الى موقع المزادات الإلكتروني الخاص بوزارة العدل http://auctions.moj.gov.jo/ او مراجعة دائرة التنفيذ لمشاهدة بيانات العقار ودفع قيمة التأمين ١٠٪ من القيمة المقدرة للعقار وهي (٣٨٧٦٩١) دينار ، وذلك من تاريخ هذا الإعلان وحتى ٣٠ يوم علما بأن الرسوم والطوابع والدلالة تعود على المشتري.

رقم القطعة (٢١) حوض (١) المقرن الشمالي قرية العبدلية من أراضي جنوب عمان، مساحتها : ٦٠٤ م٢ و يملك المحكوم عليه كامل الحصص

وصف القطعة : تقع قطعة الأرض بمنطقة أحد و تنظيم الأرض زراعي و طبوغرافية مختلفة التضاريس خالية من ابنية وتربتها صالحة للزراعة والبناء والخدمات غير متوفرة.

فعلى من يرغب بالاشتراك في المزاد الدخول الى موقع المزادات الإلكتروني الخاص بوزارة العدل http://auctions.moj.gov.jo/ او مراجعة دائرة التنفيذ لمشاهدة بيانات العقار ودفع قيمة التأمين ١٠٪ من القيمة المقدرة للعقار وهي (٦٠٤٠) دينار ، وذلك من تاريخ هذا الإعلان وحتى ٣٠ يوم علما بأن الرسوم والطوابع والدلالة تعود على المشتري.

رقم القطعة (٨) حوض (٢) المقرن الجنوبي قرية العبدلية من أراضي جنوب عمان، مساحتها : ١٦٥ دونم ٧١م٢ و يملك المحكوم عليه ٥٢٦٨٨٥٦٤٧٠ من أصل ٢٣٥٦٦١٠٥١٣٤ حصة .

وصف القطعة : تقع قطعة الأرض بمنطقة أحد و قسم من مصنع الحلواني مقام عليها و تنظيم الأرض سكن ج و طبوغرافية مائلة باتجاه الجنوب الغربي مقام عليها ابنية و تربتها صالحة للزراعة والخدمات والمياه والكهرباء متوفرة

فعلى من يرغب بالاشتراك في المزاد الدخول الى موقع المزادات الإلكتروني الخاص بوزارة العدل http://auctions.moj.gov.jo/ او مراجعة دائرة التنفيذ لمشاهدة بيانات العقار ودفع قيمة التأمين ١٠٪ من القيمة المقدرة للعقار وهي (١٣٨٩٥٥٩) دينار ، وذلك من تاريخ هذا الإعلان وحتى ٣٠ يوم علما بأن الرسوم والطوابع والدلالة تعود على المشتري.

رقم القطعة (١٠) حوض (٢) المقرن الجنوبي قرية العبدلية من أراضي جنوب عمان، مساحتها : ١٦ دونم ٥٥٧م٢ و يملك المحكوم عليه ٧٦ من أصل ١٢٠ حصة .

وصف القطعة : تبعد قطعة الأرض عن مصنع الحلواني ١٥٠م غربا بمنطقة أحد وتنظيم الأرض زراعي و طبوغرافية مختلفة التضاريس خالية من أبنية و تربتها صالحة بللزراعة و البناء والخدمات غير متوفرة .

فعلى من يرغب بالاشتراك في المزاد الدخول الى موقع المزادات الإلكتروني الخاص بوزارة العدل http://auctions.moj.gov.jo/ او مراجعة دائرة التنفيذ لمشاهدة بيانات العقار ودفع قيمة التأمين ١٠٪ من القيمة المقدرة للعقار وهي (٣٣٥٥٥٥) دينار ، وذلك من تاريخ هذا الإعلان وحتى ٣٠ يوم علما بأن الرسوم والطوابع والدلالة تعود على المشتري.

رقم القطعة (١٦) حوض (١) المقرن الشمالي قرية العبدلية من أراضي جنوب عمان، مساحتها : ٨ دونم ٥٢٩ م٢ و يملك المحكوم عليه ٥٧٦٠ من أصل ١١٥٢٠ حصة .

وصف القطعة : تقع قطعة الأرض بمنطقة أحد و تنظيم الأرض زراعي و طبوغرافية مختلفة التضاريس خالية من ابنية و تربتها صالحة للزراعة والبناء والخدمات غير متوفرة.

فعلى من يرغب بالاشتراك في المزاد الدخول الى موقع المزادات الإلكتروني الخاص بوزارة العدل http://auctions.moj.gov.jo/ او مراجعة دائرة التنفيذ لمشاهدة بيانات العقار ودفع قيمة التأمين ١٠٪ من القيمة المقدرة للعقار وهي (٧٦٤٢٥) دينار ، وذلك من تاريخ هذا الإعلان وحتى ٣٠ يوم علما بأن الرسوم والطوابع والدلالة تعود على المشتري.

رقم القطعة (٢٢) حوض (٥) حنو عباس قرية العبدلية من أراضي جنوب عمان، مساحتها : ٦٤ دونم ٧٢٤م٢ و يملك المحكوم عليه ٧١٠٤٠ من أصل ٨٥١٧٦٠ حصة .

وصف القطعة : تقع قطعة الأرض بمنطقة أحد و تنظيم الأرض سكن ج و طبوغرافية شبه سهلي مقام عليها أبنية و قريبة من التجمعات السكنية و تربتها صالحة للزراعة و البناء و يوجد خدمات كهرباء و ماء و طرق.

فعلى من يرغب بالاشتراك في المزاد الدخول الى موقع المزادات الإلكتروني الخاص بوزارة العدل http://auctions.moj.gov.jo/ او مراجعة دائرة التنفيذ لمشاهدة بيانات العقار ودفع قيمة التأمين ١٠٪ من القيمة المقدرة للعقار وهي (٢٧٣٨٩٧) دينار ، وذلك من تاريخ هذا الإعلان وحتى ٣٠ يوم علما بأن الرسوم والطوابع والدلالة تعود على المشتري.

رقم القطعة (٣٥) حوض (١) المقرن الشمالي قرية العبدلية من أراضي جنوب عمان، مساحتها : ٣٤ دونم ٦٢٠م٢ و يملك المحكوم عليه ٢٨٥٣٠٨ من أصل ٦٤٥١٢٠ حصة .

وصف القطعة : تقع قطعة الأرض الى الشرق من مصنع الحلواني بمسافة ٢٠٠ متر في حي العبدلية و تنظيم الأرض سكن ب و طبوغرافية القطعة سفح جبل مائلة باتجاه الشرق و خالية من الأبنية و قريبة من التجمعات السكنية و تربتها صالحة للزراعة والبناء و يوجد خدمات الكهرباء والمياه والطرق قريبة منها .

فعلى من يرغب بالاشتراك في المزاد الدخول الى موقع المزادات الإلكتروني الخاص بوزارة العدل http://auctions.moj.gov.jo/ او مراجعة دائرة التنفيذ لمشاهدة بيانات العقار ودفع قيمة التأمين ١٠٪ من القيمة المقدرة للعقار وهي (٦٤٨٩٨٨) دينار ، وذلك من تاريخ هذا الإعلان وحتى ٣٠ يوم علما بأن الرسوم والطوابع والدلالة تعود على المشتري.

رقم القطعة (٣٤) حوض (١) المقرن الشمالي قرية العبدلية من أراضي جنوب عمان، مساحتها : ٢٩ دونم ٦٠٢م٢ و يملك المحكوم عليه ٥٧٨٠٩٤ من أصل ٩٦٠٩٦٠ حصة .

وصف القطعة : تقع قطعة الأرض الى الشرق من مصنع الحلواني بمسافة ١٤٠ متر في حي العبدلية و تنظيم الأرض قسم قليل جدا زراعي والقسم الأكبر سكن ب و طبوغرافية القطعة سفح جبل مائلة للجنوب الشرقي و خالية من الأبنية و قريبة من التجمعات السكنية و تربتها صالحة للزراعة والبناء و يوجد خدمات الكهرباء والمياه والطرق.

فعلى من يرغب بالاشتراك في المزاد الدخول الى موقع المزادات الإلكتروني الخاص بوزارة العدل http://auctions.moj.gov.jo/ او مراجعة دائرة التنفيذ لمشاهدة بيانات العقار ودفع قيمة التأمين ١٠٪ من القيمة المقدرة للعقار وهي (٧٥٤٨٣٧) دينار ، وذلك من تاريخ هذا الإعلان وحتى ٣٠ يوم علما بأن الرسوم والطوابع والدلالة تعود على المشتري.

رقم القطعة (٤٦) حوض (٣) رجم حمد قرية العبدلية من أراضي جنوب عمان، مساحتها : ٢٦ دونم ٩٠م٢ و يملك المحكوم عليه ٤٥٩٣٣٨ من أصل ٩٦٠٩٦٠ حصة .

وصف القطعة : تقع قطعة الأرض بمنطقة أحد في حي العبدلية وتنظيم الأرض سكن ج وطبوغرافية شبه سهلية وخالية من الابنية وقريبة من التجمعات السكنية وتربتها صالحة للزراعة والبناء ويوجد خدمات الكهرباء والمياه والطرق.

فعلى من يرغب بالاشتراك في المزاد الدخول الى موقع المزادات الإلكتروني الخاص بوزارة العدل http://auctions.moj.gov.jo/ او مراجعة دائرة التنفيذ لمشاهدة بيانات العقار ودفع قيمة التأمين ١٠٪ من القيمة المقدرة للعقار وهي (٥٧١٦٧٤) دينار ، وذلك من تاريخ هذا الإعلان وحتى ٣٠ يوم علما بأن الرسوم والطوابع والدلالة تعود على المشتري.

مأمور تنفيذ محكمة سحاب
